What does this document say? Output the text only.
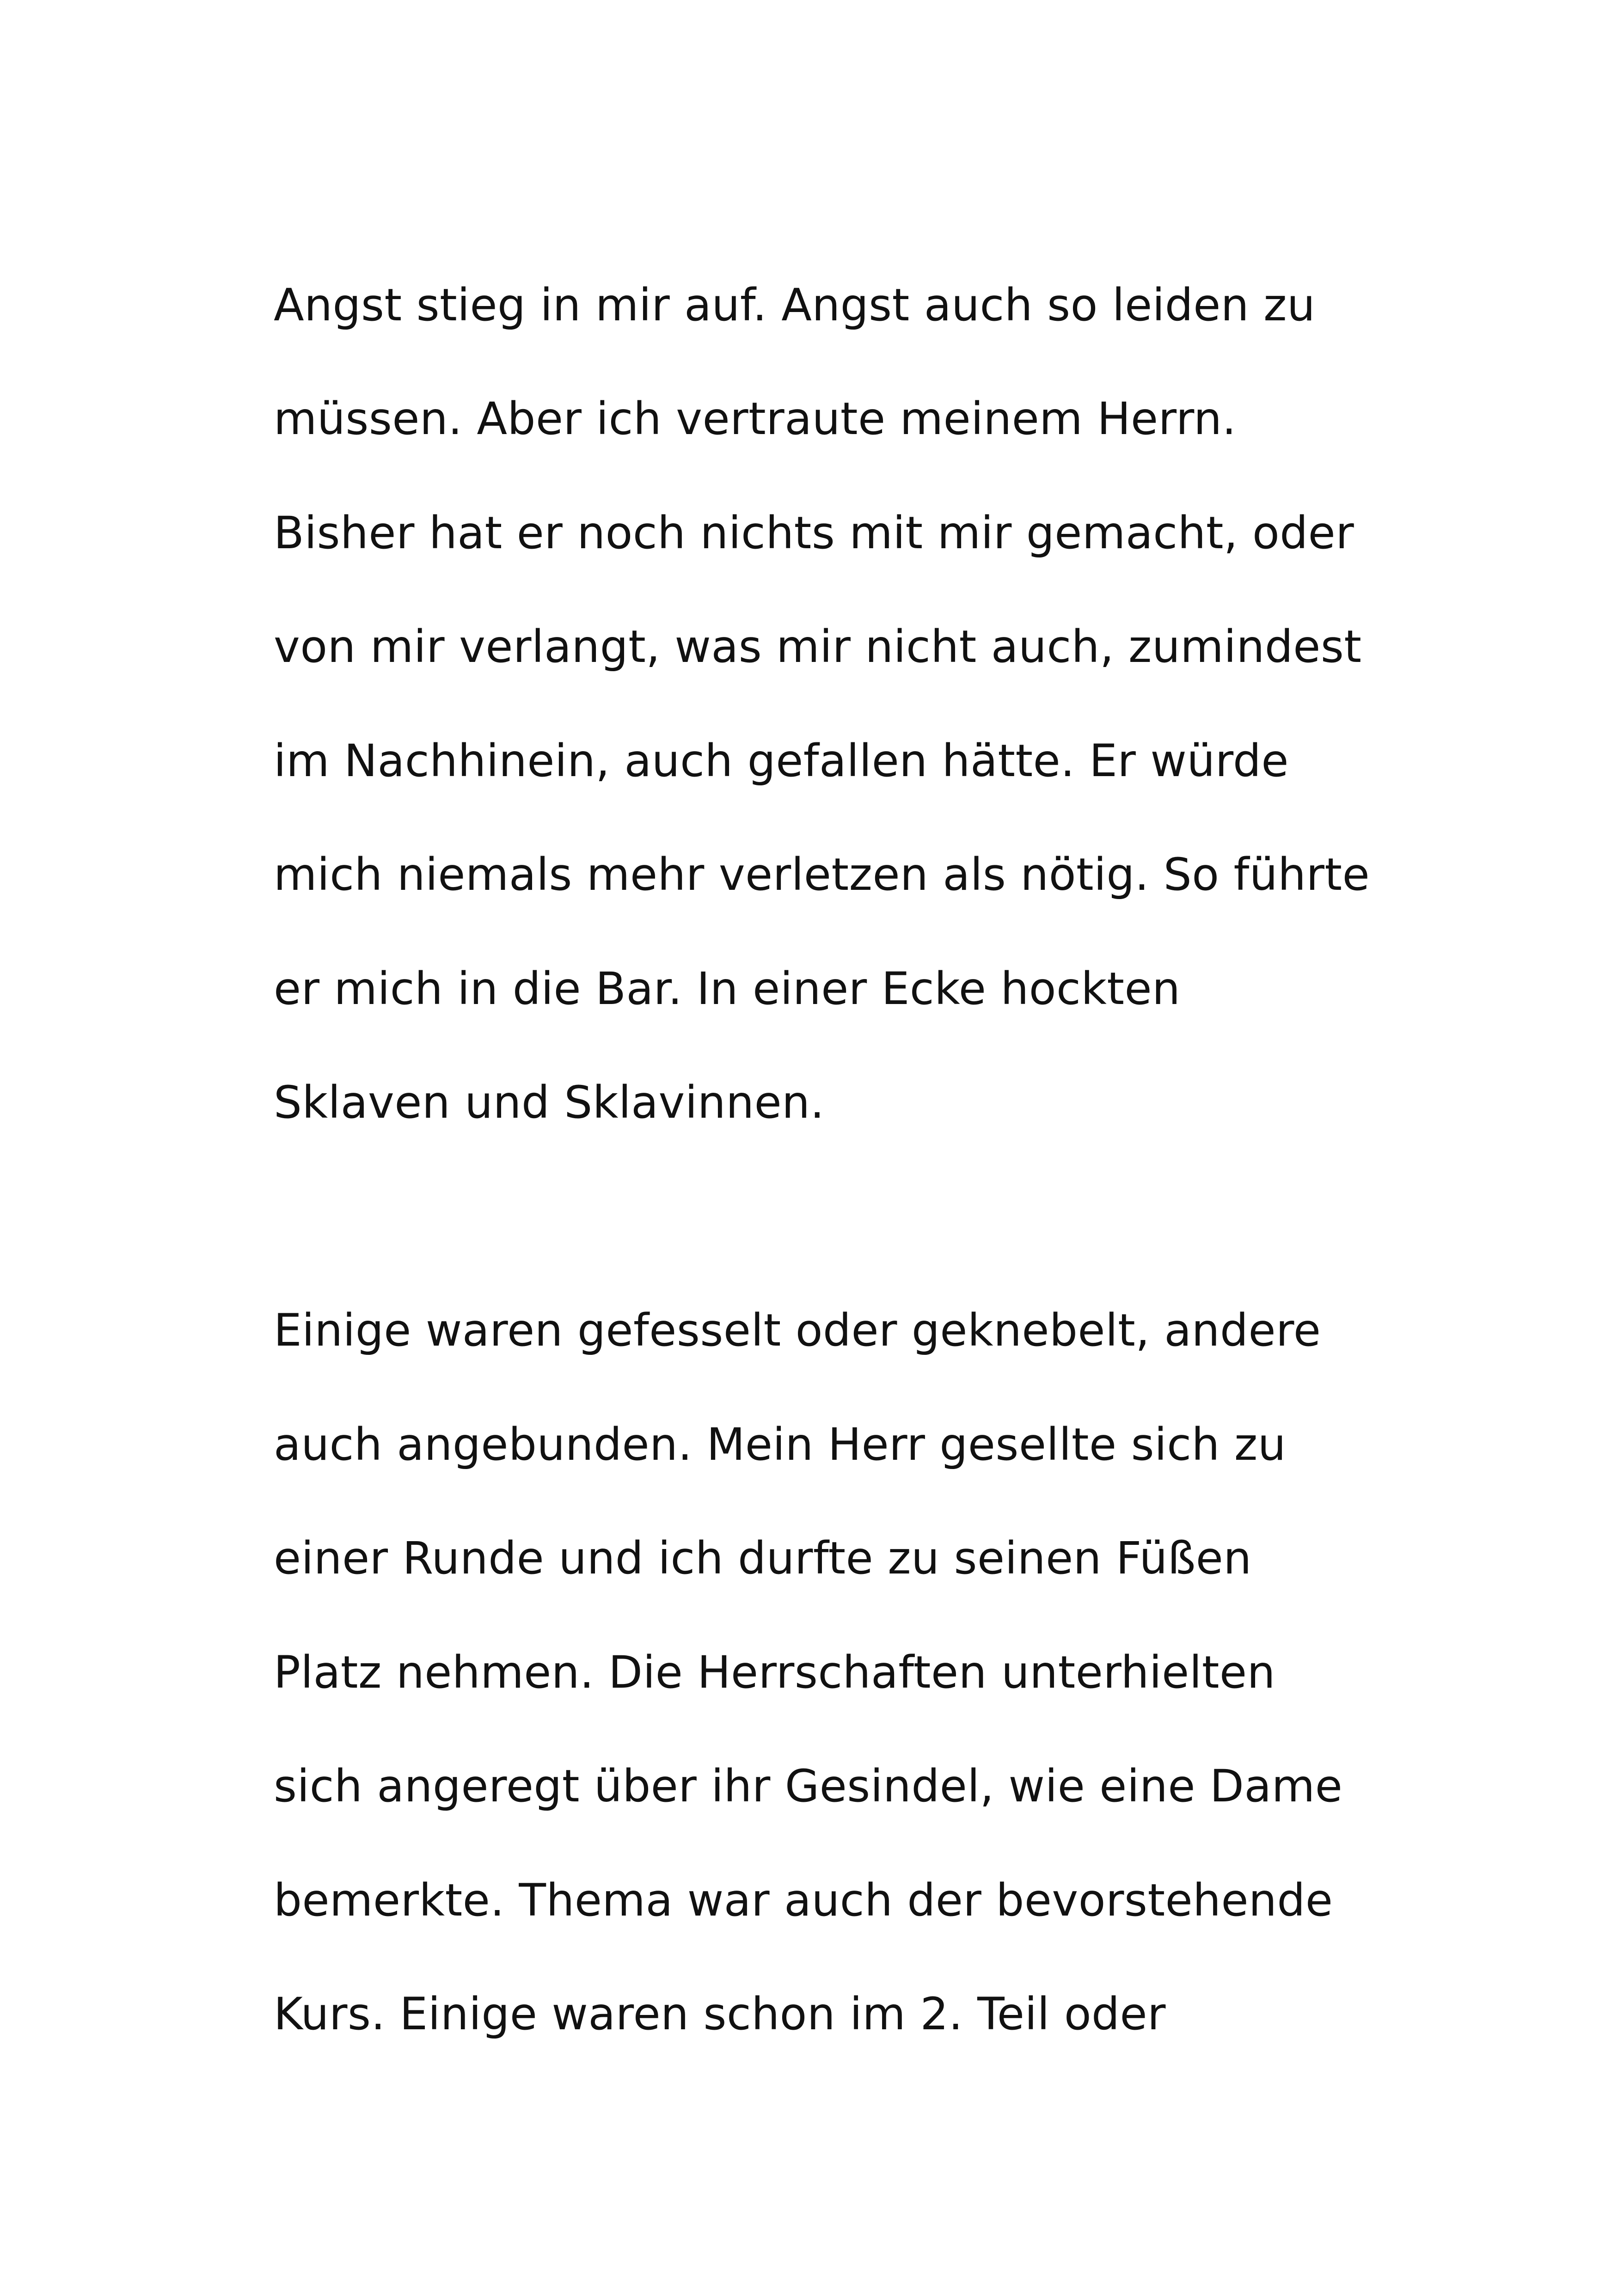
Angst stieg in mir auf. Angst auch so leiden zu

müssen. Aber ich vertraute meinem Herrn.

Bisher hat er noch nichts mit mir gemacht, oder

von mir verlangt, was mir nicht auch, zumindest

im Nachhinein, auch gefallen hätte. Er würde

mich niemals mehr verletzen als nötig. So führte

er mich in die Bar. In einer Ecke hockten

Sklaven und Sklavinnen.

Einige waren gefesselt oder geknebelt, andere

auch angebunden. Mein Herr gesellte sich zu

einer Runde und ich durfte zu seinen Füßen

Platz nehmen. Die Herrschaften unterhielten

sich angeregt über ihr Gesindel, wie eine Dame

bemerkte. Thema war auch der bevorstehende

Kurs. Einige waren schon im 2. Teil oder
